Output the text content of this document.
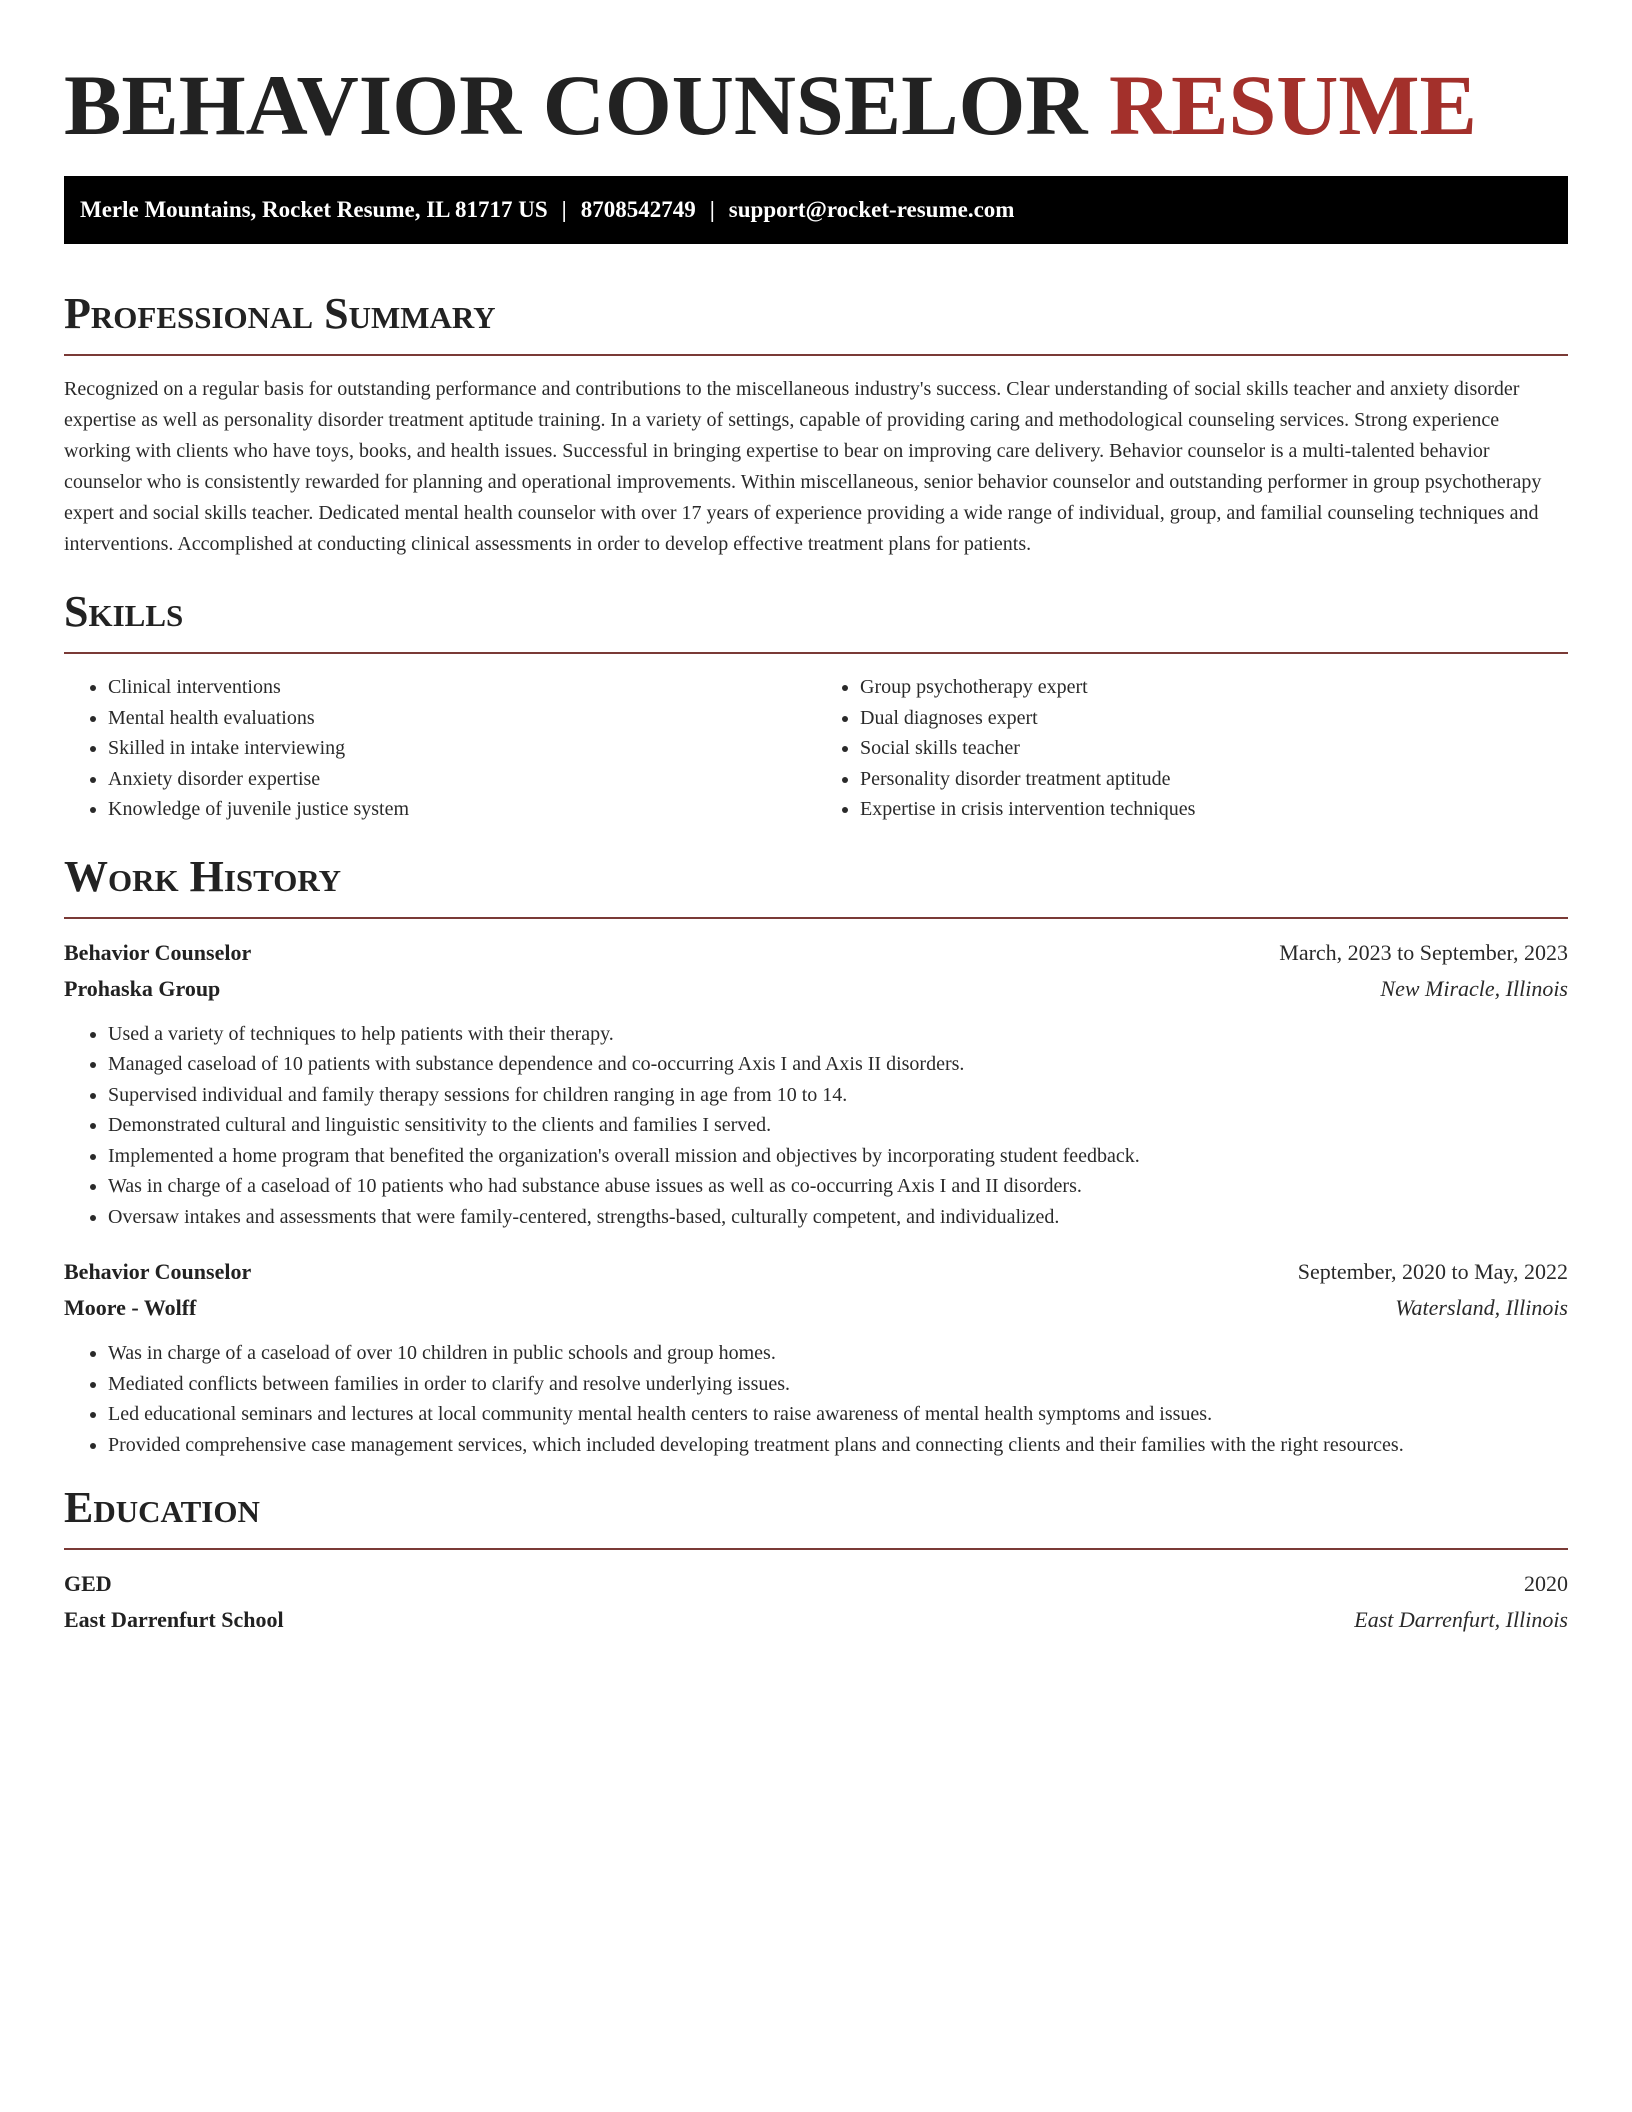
BEHAVIOR COUNSELOR RESUME
Merle Mountains, Rocket Resume, IL 81717 US | 8708542749 | support@rocket-resume.com
Professional Summary

Recognized on a regular basis for outstanding performance and contributions to the miscellaneous industry's success. Clear understanding of social skills teacher and anxiety disorder expertise as well as personality disorder treatment aptitude training. In a variety of settings, capable of providing caring and methodological counseling services. Strong experience working with clients who have toys, books, and health issues. Successful in bringing expertise to bear on improving care delivery. Behavior counselor is a multi-talented behavior counselor who is consistently rewarded for planning and operational improvements. Within miscellaneous, senior behavior counselor and outstanding performer in group psychotherapy expert and social skills teacher. Dedicated mental health counselor with over 17 years of experience providing a wide range of individual, group, and familial counseling techniques and interventions. Accomplished at conducting clinical assessments in order to develop effective treatment plans for patients.

Skills
• Clinical interventions
• Mental health evaluations
• Skilled in intake interviewing
• Anxiety disorder expertise
• Knowledge of juvenile justice system
• Group psychotherapy expert
• Dual diagnoses expert
• Social skills teacher
• Personality disorder treatment aptitude
• Expertise in crisis intervention techniques
Work History
Behavior Counselor	March, 2023 to September, 2023
Prohaska Group	New Miracle, Illinois
• Used a variety of techniques to help patients with their therapy.
• Managed caseload of 10 patients with substance dependence and co-occurring Axis I and Axis II disorders.
• Supervised individual and family therapy sessions for children ranging in age from 10 to 14.
• Demonstrated cultural and linguistic sensitivity to the clients and families I served.
• Implemented a home program that benefited the organization's overall mission and objectives by incorporating student feedback.
• Was in charge of a caseload of 10 patients who had substance abuse issues as well as co-occurring Axis I and II disorders.
• Oversaw intakes and assessments that were family-centered, strengths-based, culturally competent, and individualized.
Behavior Counselor	September, 2020 to May, 2022
Moore - Wolff	Watersland, Illinois
• Was in charge of a caseload of over 10 children in public schools and group homes.
• Mediated conflicts between families in order to clarify and resolve underlying issues.
• Led educational seminars and lectures at local community mental health centers to raise awareness of mental health symptoms and issues.
• Provided comprehensive case management services, which included developing treatment plans and connecting clients and their families with the right resources.
Education
GED	2020
East Darrenfurt School	East Darrenfurt, Illinois
